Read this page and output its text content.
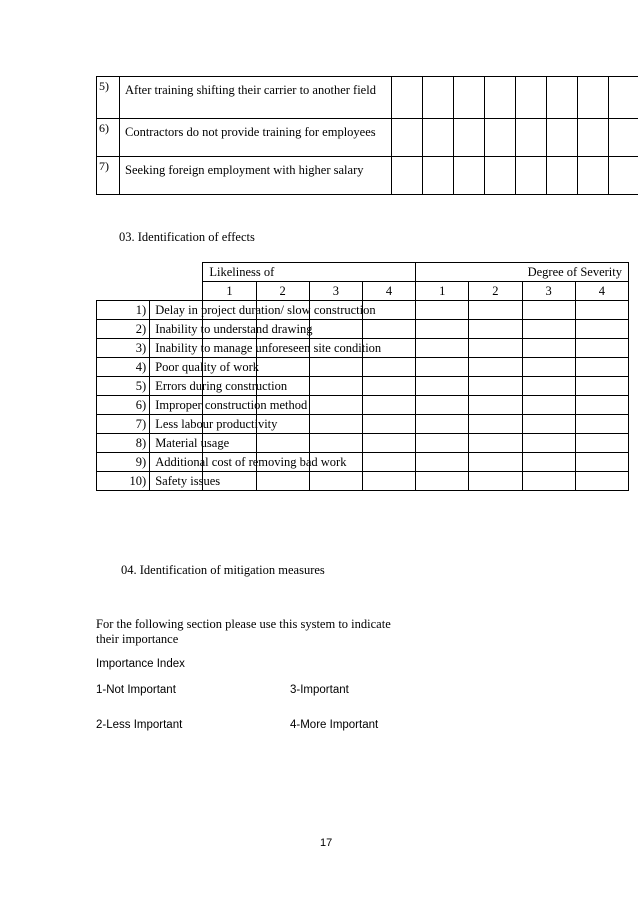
5)	After training shifting their carrier to another field								
6)	Contractors do not provide training for employees								
7)	Seeking foreign employment with higher salary								
03. Identification of effects
		Likeliness of				Degree of Severity			
		1	2	3	4	1	2	3	4
1)	Delay in project duration/ slow construction								
2)	Inability to understand drawing								
3)	Inability to manage unforeseen site condition								
4)	Poor quality of work								
5)	Errors during construction								
6)	Improper construction method								
7)	Less labour productivity								
8)	Material usage								
9)	Additional cost of removing bad work								
10)	Safety issues								
04. Identification of mitigation measures
For the following section please use this system to indicate
their importance
Importance Index
1-Not Important	3-Important
2-Less Important	4-More Important
17
